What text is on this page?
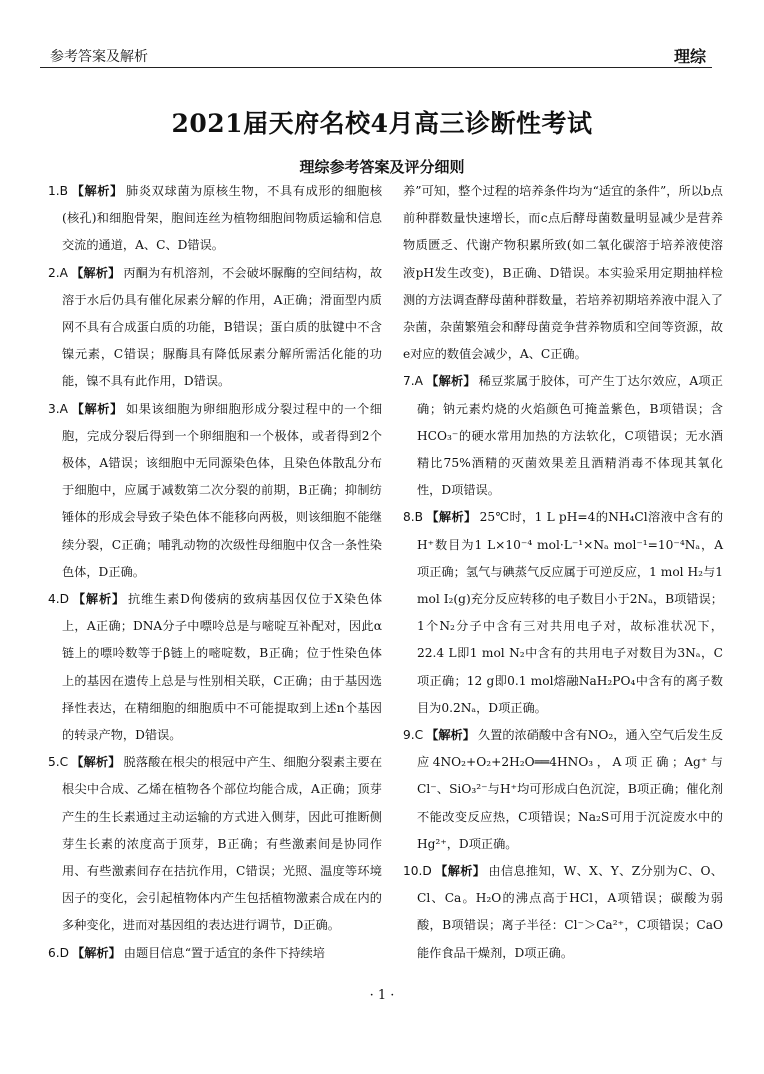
参考答案及解析	理综
2021届天府名校4月高三诊断性考试
理综参考答案及评分细则

1.B 【解析】 肺炎双球菌为原核生物，不具有成形的细胞核(核孔)和细胞骨架，胞间连丝为植物细胞间物质运输和信息交流的通道，A、C、D错误。

2.A 【解析】 丙酮为有机溶剂，不会破坏脲酶的空间结构，故溶于水后仍具有催化尿素分解的作用，A正确；滑面型内质网不具有合成蛋白质的功能，B错误；蛋白质的肽键中不含镍元素，C错误；脲酶具有降低尿素分解所需活化能的功能，镍不具有此作用，D错误。

3.A 【解析】 如果该细胞为卵细胞形成分裂过程中的一个细胞，完成分裂后得到一个卵细胞和一个极体，或者得到2个极体，A错误；该细胞中无同源染色体，且染色体散乱分布于细胞中，应属于减数第二次分裂的前期，B正确；抑制纺锤体的形成会导致子染色体不能移向两极，则该细胞不能继续分裂，C正确；哺乳动物的次级性母细胞中仅含一条性染色体，D正确。

4.D 【解析】 抗维生素D佝偻病的致病基因仅位于X染色体上，A正确；DNA分子中嘌呤总是与嘧啶互补配对，因此α链上的嘌呤数等于β链上的嘧啶数，B正确；位于性染色体上的基因在遗传上总是与性别相关联，C正确；由于基因选择性表达，在精细胞的细胞质中不可能提取到上述n个基因的转录产物，D错误。

5.C 【解析】 脱落酸在根尖的根冠中产生、细胞分裂素主要在根尖中合成、乙烯在植物各个部位均能合成，A正确；顶芽产生的生长素通过主动运输的方式进入侧芽，因此可推断侧芽生长素的浓度高于顶芽，B正确；有些激素间是协同作用、有些激素间存在拮抗作用，C错误；光照、温度等环境因子的变化，会引起植物体内产生包括植物激素合成在内的多种变化，进而对基因组的表达进行调节，D正确。

6.D 【解析】 由题目信息“置于适宜的条件下持续培

养”可知，整个过程的培养条件均为“适宜的条件”，所以b点前种群数量快速增长，而c点后酵母菌数量明显减少是营养物质匮乏、代谢产物积累所致(如二氧化碳溶于培养液使溶液pH发生改变)，B正确、D错误。本实验采用定期抽样检测的方法调查酵母菌种群数量，若培养初期培养液中混入了杂菌，杂菌繁殖会和酵母菌竞争营养物质和空间等资源，故e对应的数值会减少，A、C正确。

7.A 【解析】 稀豆浆属于胶体，可产生丁达尔效应，A项正确；钠元素灼烧的火焰颜色可掩盖紫色，B项错误；含HCO₃⁻的硬水常用加热的方法软化，C项错误；无水酒精比75%酒精的灭菌效果差且酒精消毒不体现其氧化性，D项错误。

8.B 【解析】 25℃时，1 L pH=4的NH₄Cl溶液中含有的H⁺数目为1 L×10⁻⁴ mol·L⁻¹×Nₐ mol⁻¹=10⁻⁴Nₐ，A项正确；氢气与碘蒸气反应属于可逆反应，1 mol H₂与1 mol I₂(g)充分反应转移的电子数目小于2Nₐ，B项错误；1个N₂分子中含有三对共用电子对，故标准状况下，22.4 L即1 mol N₂中含有的共用电子对数目为3Nₐ，C项正确；12 g即0.1 mol熔融NaH₂PO₄中含有的离子数目为0.2Nₐ，D项正确。

9.C 【解析】 久置的浓硝酸中含有NO₂，通入空气后发生反应4NO₂+O₂+2H₂O══4HNO₃，A项正确；Ag⁺与Cl⁻、SiO₃²⁻与H⁺均可形成白色沉淀，B项正确；催化剂不能改变反应热，C项错误；Na₂S可用于沉淀废水中的Hg²⁺，D项正确。

10.D 【解析】 由信息推知，W、X、Y、Z分别为C、O、Cl、Ca。H₂O的沸点高于HCl，A项错误；碳酸为弱酸，B项错误；离子半径：Cl⁻＞Ca²⁺，C项错误；CaO能作食品干燥剂，D项正确。

· 1 ·
